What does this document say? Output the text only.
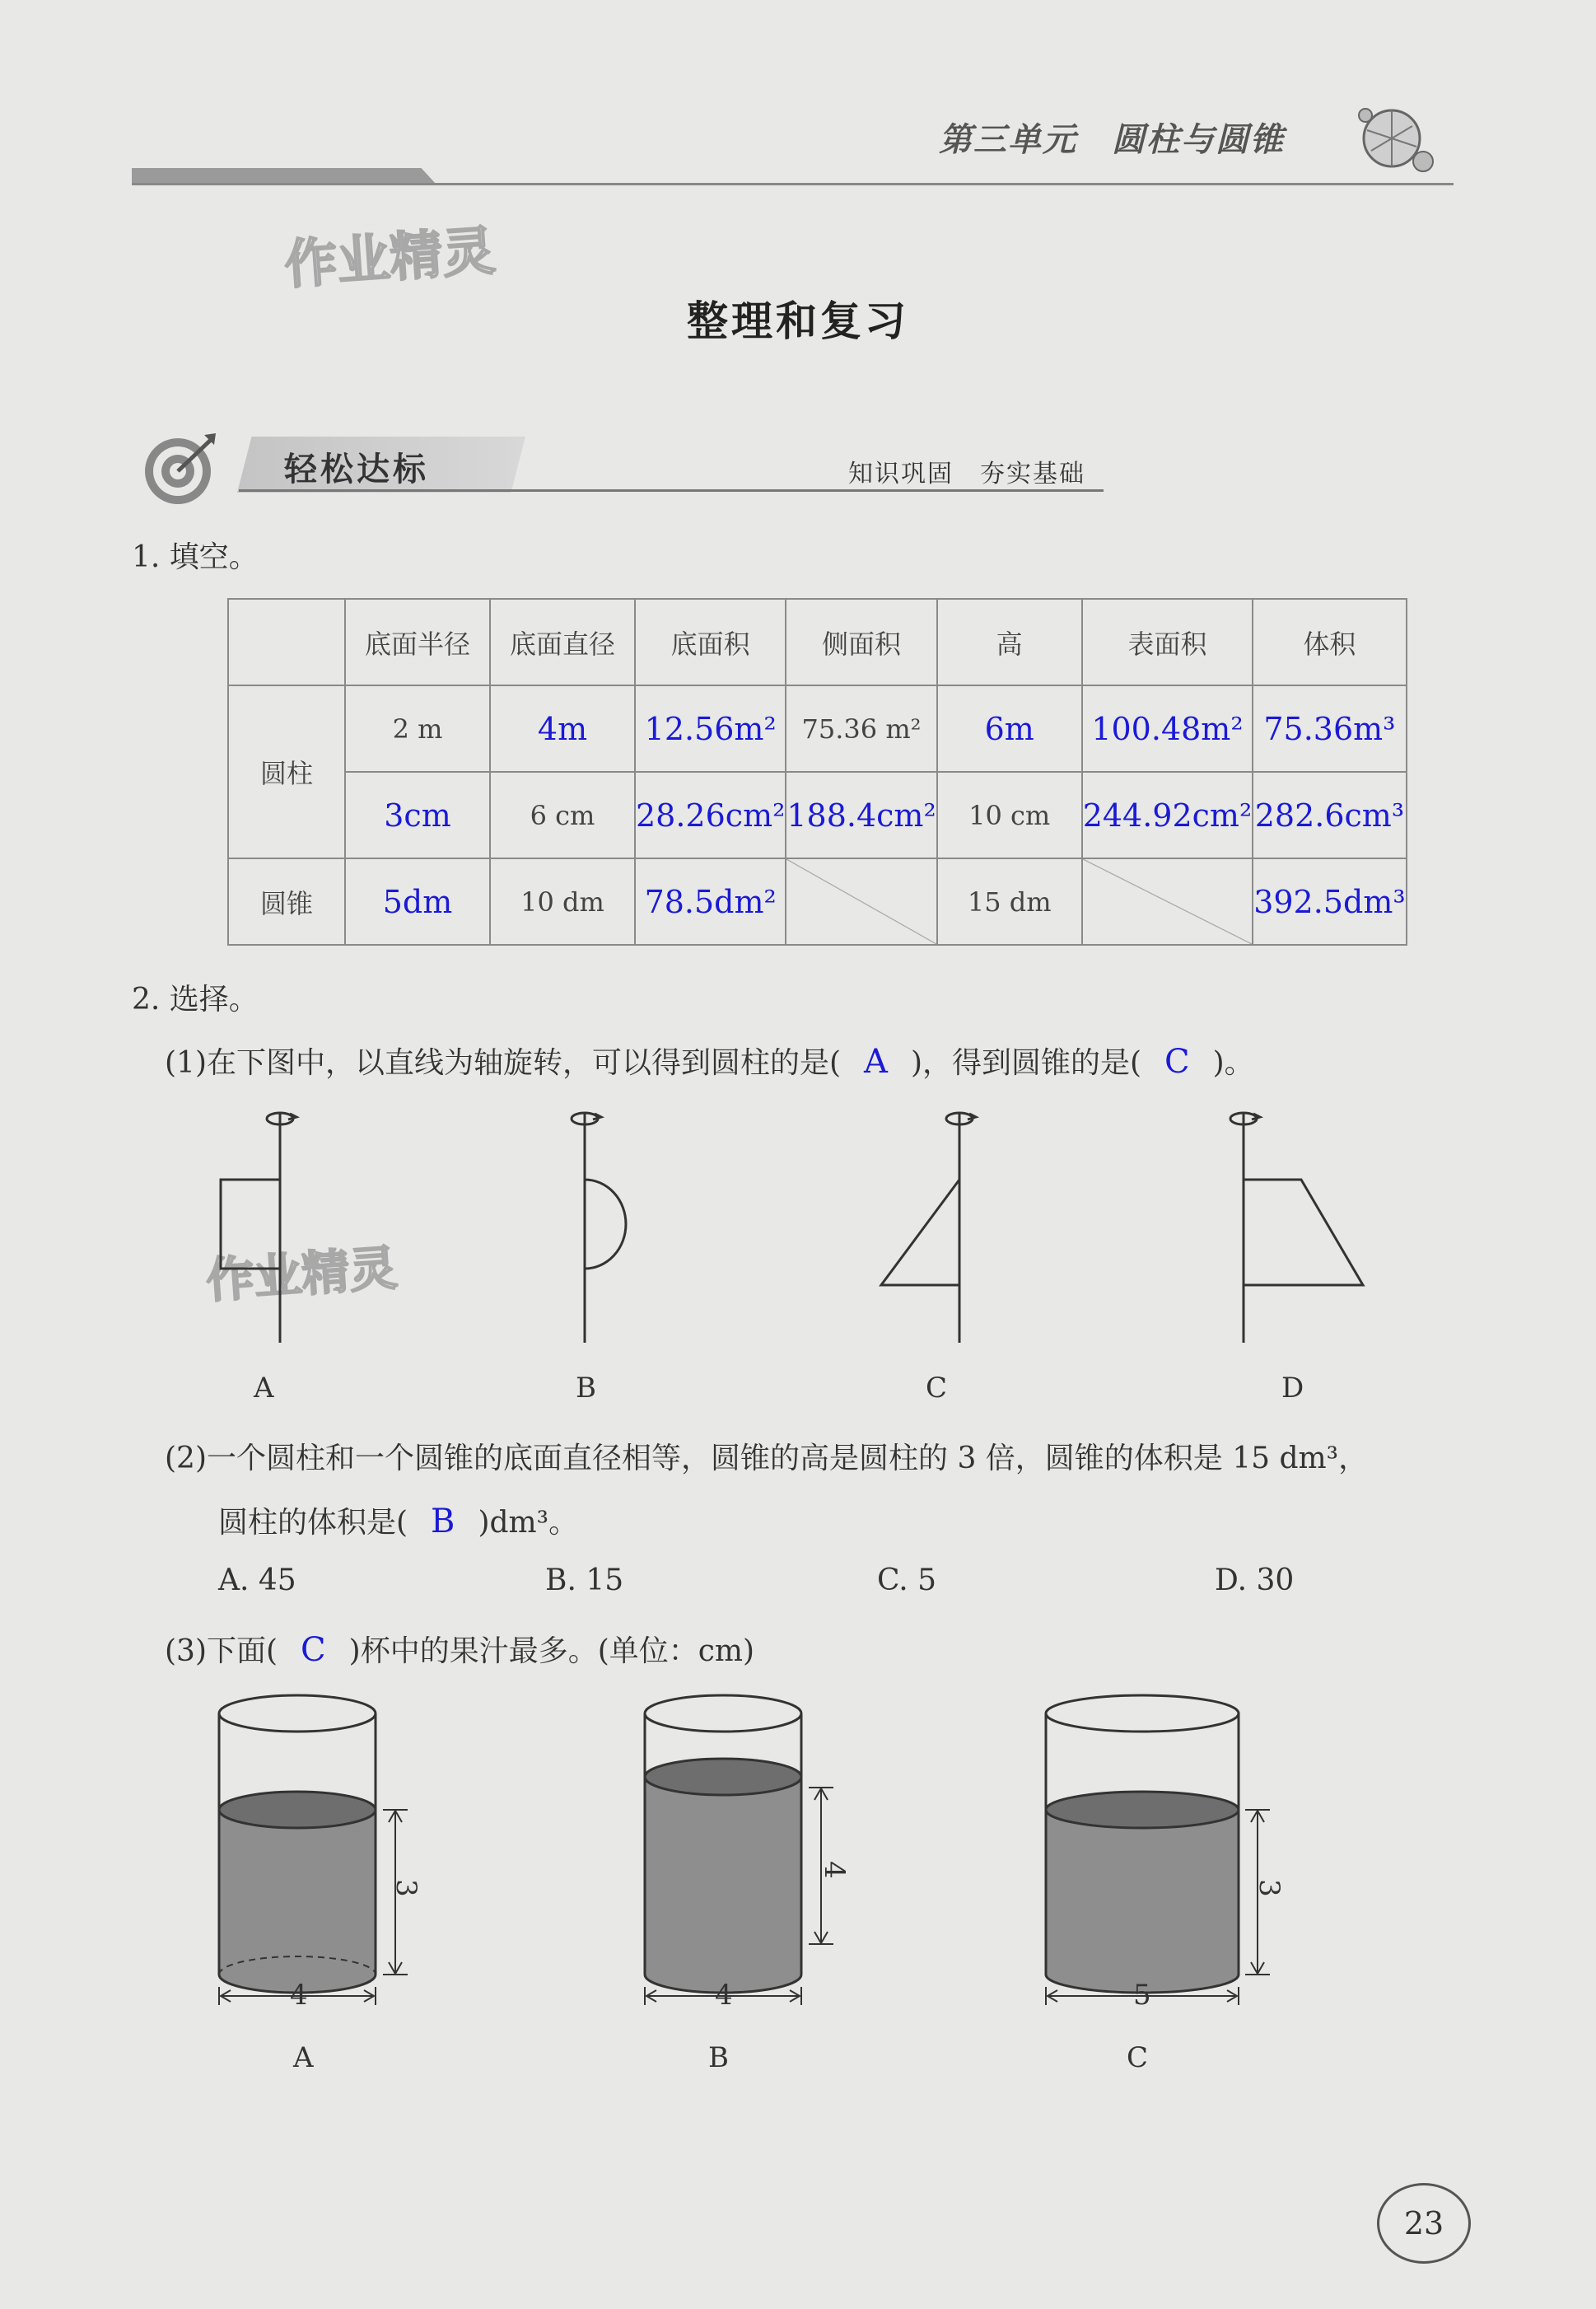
第三单元　圆柱与圆锥
作业精灵
作业精灵
整理和复习
轻松达标	知识巩固　夯实基础
1. 填空。
	底面半径	底面直径	底面积	侧面积	高	表面积	体积
圆柱	2 m	4m	12.56m²	75.36 m²	6m	100.48m²	75.36m³
	3cm	6 cm	28.26cm²	188.4cm²	10 cm	244.92cm²	282.6cm³
圆锥	5dm	10 dm	78.5dm²		15 dm		392.5dm³
2. 选择。
(1)在下图中，以直线为轴旋转，可以得到圆柱的是( A )，得到圆锥的是( C )。
A	B	C	D
(2)一个圆柱和一个圆锥的底面直径相等，圆锥的高是圆柱的 3 倍，圆锥的体积是 15 dm³，
圆柱的体积是( B )dm³。
A. 45	B. 15	C. 5	D. 30
(3)下面( C )杯中的果汁最多。(单位：cm)
3
4
A
4
4
B
3
5
C
23
